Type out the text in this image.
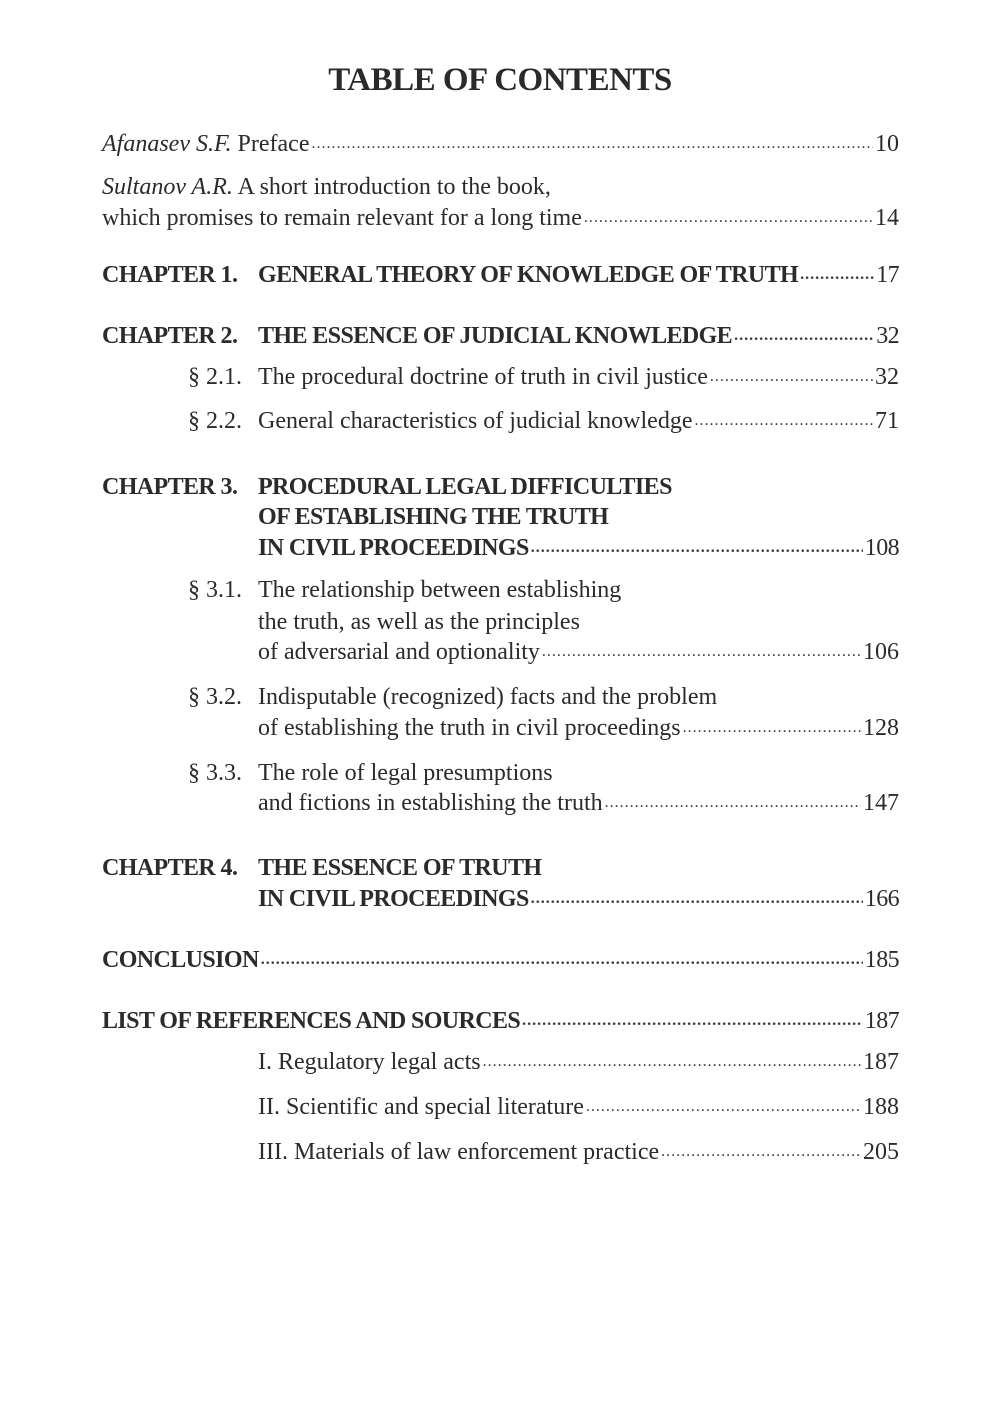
TABLE OF CONTENTS
Afanasev S.F. Preface .....	10
Sultanov A.R. A short introduction to the book,
which promises to remain relevant for a long time .....	14
CHAPTER 1. GENERAL THEORY OF KNOWLEDGE OF TRUTH .....	17
CHAPTER 2. THE ESSENCE OF JUDICIAL KNOWLEDGE .....	32
§ 2.1. The procedural doctrine of truth in civil justice .....	32
§ 2.2. General characteristics of judicial knowledge .....	71
CHAPTER 3. PROCEDURAL LEGAL DIFFICULTIES
OF ESTABLISHING THE TRUTH
IN CIVIL PROCEEDINGS .....	108
§ 3.1. The relationship between establishing
the truth, as well as the principles
of adversarial and optionality .....	106
§ 3.2. Indisputable (recognized) facts and the problem
of establishing the truth in civil proceedings .....	128
§ 3.3. The role of legal presumptions
and fictions in establishing the truth .....	147
CHAPTER 4. THE ESSENCE OF TRUTH
IN CIVIL PROCEEDINGS .....	166
CONCLUSION .....	185
LIST OF REFERENCES AND SOURCES .....	187
I. Regulatory legal acts .....	187
II. Scientific and special literature .....	188
III. Materials of law enforcement practice .....	205
